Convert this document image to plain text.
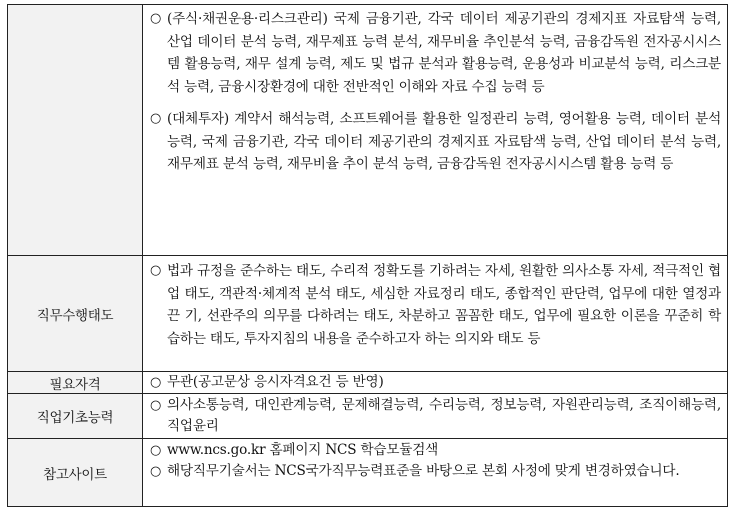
	○ (주식·채권운용·리스크관리) 국제 금융기관, 각국 데이터 제공기관의 경제지표 자료탐색 능력, 산업 데이터 분석 능력, 재무제표 능력 분석, 재무비율 추인분석 능력, 금융감독원 전자공시시스템 활용능력, 재무 설계 능력, 제도 및 법규 분석과 활용능력, 운용성과 비교분석 능력, 리스크분석 능력, 금융시장환경에 대한 전반적인 이해와 자료 수집 능력 등
○ (대체투자) 계약서 해석능력, 소프트웨어를 활용한 일정관리 능력, 영어활용 능력, 데이터 분석 능력, 국제 금융기관, 각국 데이터 제공기관의 경제지표 자료탐색 능력, 산업 데이터 분석 능력, 재무제표 분석 능력, 재무비율 추이 분석 능력, 금융감독원 전자공시시스템 활용 능력 등

직무수행태도	○ 법과 규정을 준수하는 태도, 수리적 정확도를 기하려는 자세, 원활한 의사소통 자세, 적극적인 협업 태도, 객관적·체계적 분석 태도, 세심한 자료정리 태도, 종합적인 판단력, 업무에 대한 열정과 끈 기, 선관주의 의무를 다하려는 태도, 차분하고 꼼꼼한 태도, 업무에 필요한 이론을 꾸준히 학습하는 태도, 투자지침의 내용을 준수하고자 하는 의지와 태도 등

필요자격	○ 무관(공고문상 응시자격요건 등 반영)

직업기초능력	○ 의사소통능력, 대인관계능력, 문제해결능력, 수리능력, 정보능력, 자원관리능력, 조직이해능력, 직업윤리

참고사이트	○ www.ncs.go.kr 홈페이지 NCS 학습모듈검색
○ 해당직무기술서는 NCS국가직무능력표준을 바탕으로 본회 사정에 맞게 변경하였습니다.
